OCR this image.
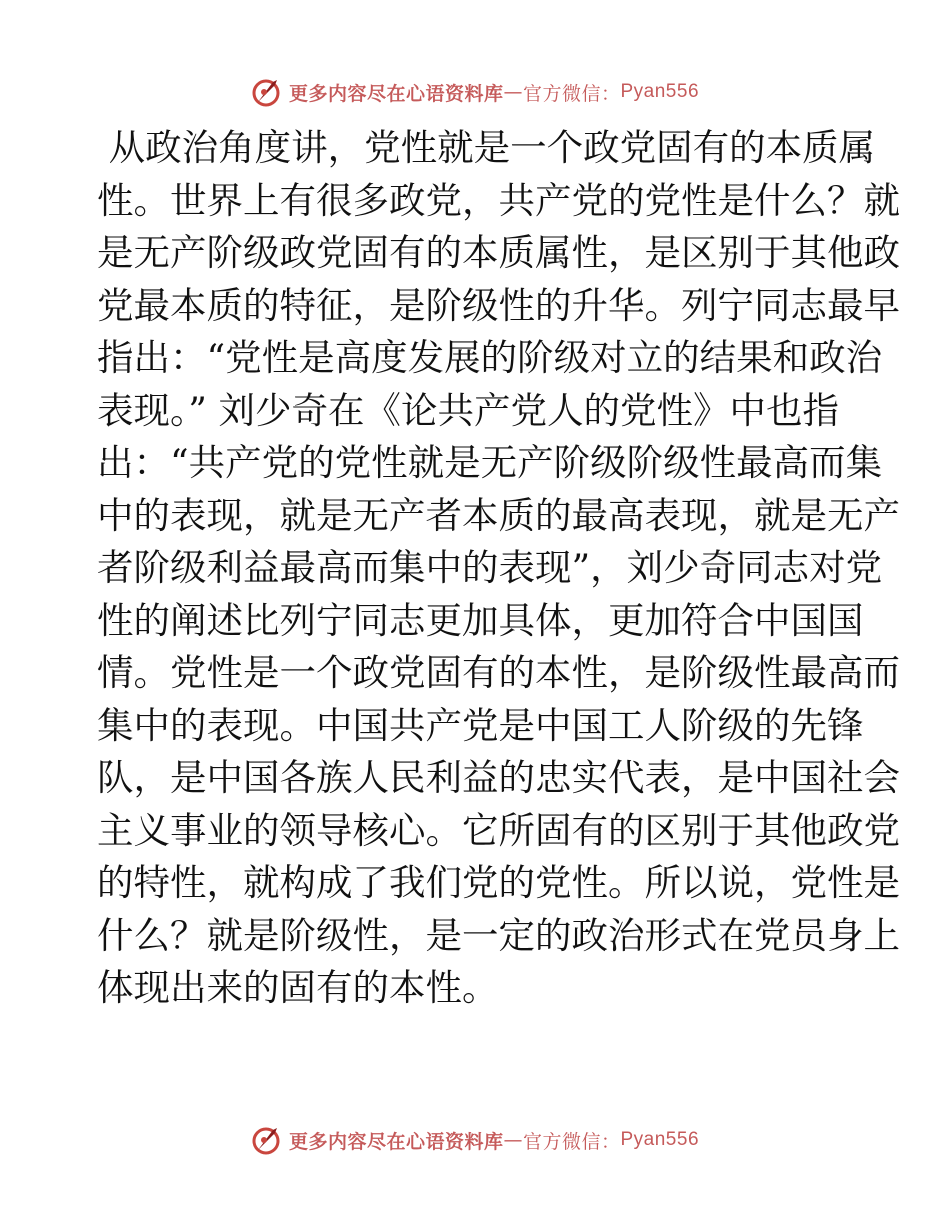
更多内容尽在心语资料库 — 官方微信： Pyan556

从政治角度讲，党性就是一个政党固有的本质属

性。世界上有很多政党，共产党的党性是什么？就

是无产阶级政党固有的本质属性，是区别于其他政

党最本质的特征，是阶级性的升华。列宁同志最早

指出：“党性是高度发展的阶级对立的结果和政治

表现。” 刘少奇在《论共产党人的党性》中也指

出：“共产党的党性就是无产阶级阶级性最高而集

中的表现，就是无产者本质的最高表现，就是无产

者阶级利益最高而集中的表现”，刘少奇同志对党

性的阐述比列宁同志更加具体，更加符合中国国

情。党性是一个政党固有的本性，是阶级性最高而

集中的表现。中国共产党是中国工人阶级的先锋

队，是中国各族人民利益的忠实代表，是中国社会

主义事业的领导核心。它所固有的区别于其他政党

的特性，就构成了我们党的党性。所以说，党性是

什么？就是阶级性，是一定的政治形式在党员身上

体现出来的固有的本性。

更多内容尽在心语资料库 — 官方微信： Pyan556
